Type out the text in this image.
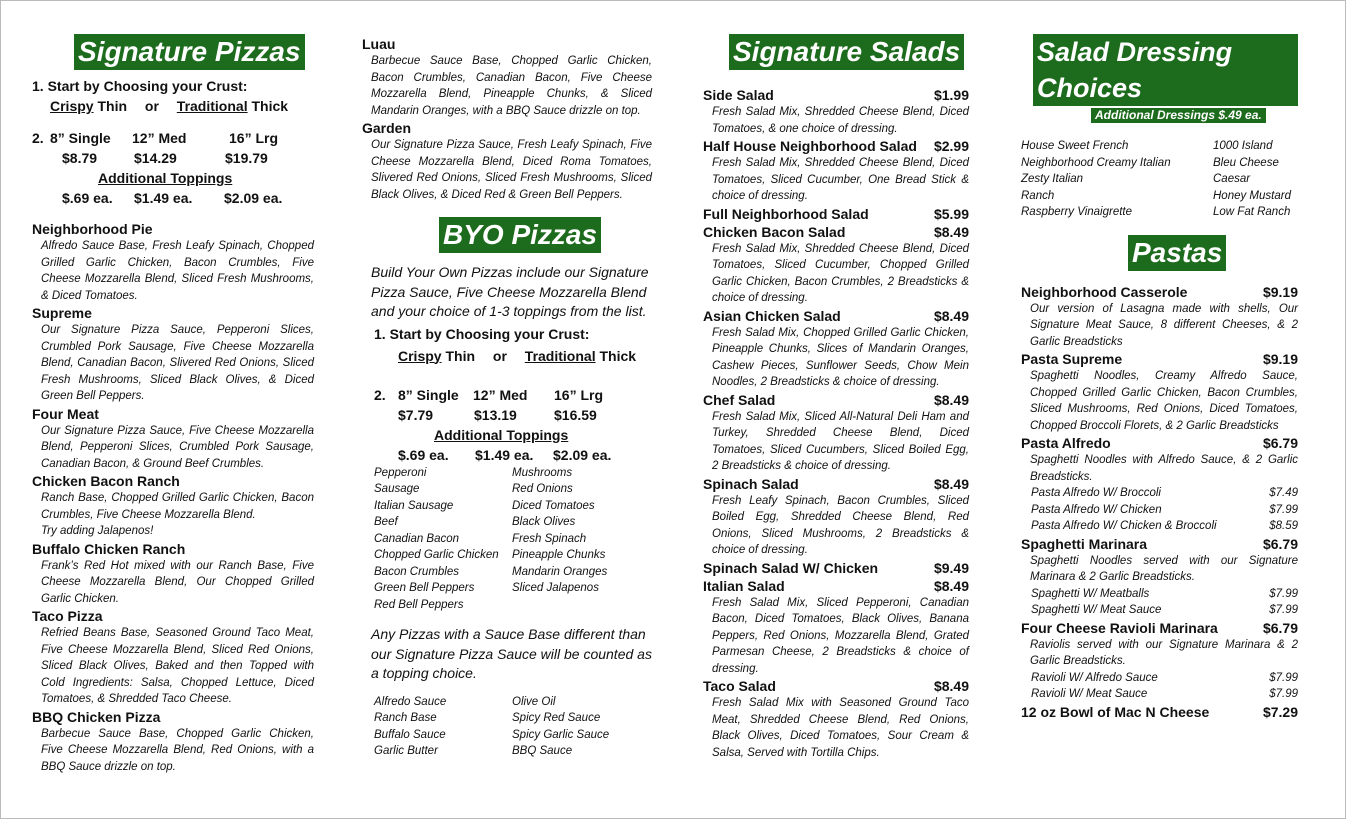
Signature Pizzas
1. Start by Choosing your Crust:
Crispy Thin or Traditional Thick
2. 8” Single	12” Med	16” Lrg
$8.79	$14.29	$19.79
Additional Toppings
$.69 ea.	$1.49 ea.	$2.09 ea.
Neighborhood Pie
Alfredo Sauce Base, Fresh Leafy Spinach, Chopped Grilled Garlic Chicken, Bacon Crumbles, Five Cheese Mozzarella Blend, Sliced Fresh Mushrooms, & Diced Tomatoes.
Supreme
Our Signature Pizza Sauce, Pepperoni Slices, Crumbled Pork Sausage, Five Cheese Mozzarella Blend, Canadian Bacon, Slivered Red Onions, Sliced Fresh Mushrooms, Sliced Black Olives, & Diced Green Bell Peppers.
Four Meat
Our Signature Pizza Sauce, Five Cheese Mozzarella Blend, Pepperoni Slices, Crumbled Pork Sausage, Canadian Bacon, & Ground Beef Crumbles.
Chicken Bacon Ranch
Ranch Base, Chopped Grilled Garlic Chicken, Bacon Crumbles, Five Cheese Mozzarella Blend.
Try adding Jalapenos!
Buffalo Chicken Ranch
Frank’s Red Hot mixed with our Ranch Base, Five Cheese Mozzarella Blend, Our Chopped Grilled Garlic Chicken.
Taco Pizza
Refried Beans Base, Seasoned Ground Taco Meat, Five Cheese Mozzarella Blend, Sliced Red Onions, Sliced Black Olives, Baked and then Topped with Cold Ingredients: Salsa, Chopped Lettuce, Diced Tomatoes, & Shredded Taco Cheese.
BBQ Chicken Pizza
Barbecue Sauce Base, Chopped Garlic Chicken, Five Cheese Mozzarella Blend, Red Onions, with a BBQ Sauce drizzle on top.
Luau
Barbecue Sauce Base, Chopped Garlic Chicken, Bacon Crumbles, Canadian Bacon, Five Cheese Mozzarella Blend, Pineapple Chunks, & Sliced Mandarin Oranges, with a BBQ Sauce drizzle on top.
Garden
Our Signature Pizza Sauce, Fresh Leafy Spinach, Five Cheese Mozzarella Blend, Diced Roma Tomatoes, Slivered Red Onions, Sliced Fresh Mushrooms, Sliced Black Olives, & Diced Red & Green Bell Peppers.
BYO Pizzas
Build Your Own Pizzas include our Signature Pizza Sauce, Five Cheese Mozzarella Blend and your choice of 1-3 toppings from the list.
1. Start by Choosing your Crust:
Crispy Thin or Traditional Thick
2. 8” Single	12” Med	16” Lrg
$7.79	$13.19	$16.59
Additional Toppings
$.69 ea.	$1.49 ea.	$2.09 ea.
Pepperoni	Mushrooms
Sausage	Red Onions
Italian Sausage	Diced Tomatoes
Beef	Black Olives
Canadian Bacon	Fresh Spinach
Chopped Garlic Chicken	Pineapple Chunks
Bacon Crumbles	Mandarin Oranges
Green Bell Peppers	Sliced Jalapenos
Red Bell Peppers
Any Pizzas with a Sauce Base different than our Signature Pizza Sauce will be counted as a topping choice.
Alfredo Sauce	Olive Oil
Ranch Base	Spicy Red Sauce
Buffalo Sauce	Spicy Garlic Sauce
Garlic Butter	BBQ Sauce
Signature Salads
Side Salad	$1.99
Fresh Salad Mix, Shredded Cheese Blend, Diced Tomatoes, & one choice of dressing.
Half House Neighborhood Salad $2.99
Fresh Salad Mix, Shredded Cheese Blend, Diced Tomatoes, Sliced Cucumber, One Bread Stick & choice of dressing.
Full Neighborhood Salad	$5.99
Chicken Bacon Salad	$8.49
Fresh Salad Mix, Shredded Cheese Blend, Diced Tomatoes, Sliced Cucumber, Chopped Grilled Garlic Chicken, Bacon Crumbles, 2 Breadsticks & choice of dressing.
Asian Chicken Salad	$8.49
Fresh Salad Mix, Chopped Grilled Garlic Chicken, Pineapple Chunks, Slices of Mandarin Oranges, Cashew Pieces, Sunflower Seeds, Chow Mein Noodles, 2 Breadsticks & choice of dressing.
Chef Salad	$8.49
Fresh Salad Mix, Sliced All-Natural Deli Ham and Turkey, Shredded Cheese Blend, Diced Tomatoes, Sliced Cucumbers, Sliced Boiled Egg, 2 Breadsticks & choice of dressing.
Spinach Salad	$8.49
Fresh Leafy Spinach, Bacon Crumbles, Sliced Boiled Egg, Shredded Cheese Blend, Red Onions, Sliced Mushrooms, 2 Breadsticks & choice of dressing.
Spinach Salad W/ Chicken	$9.49
Italian Salad	$8.49
Fresh Salad Mix, Sliced Pepperoni, Canadian Bacon, Diced Tomatoes, Black Olives, Banana Peppers, Red Onions, Mozzarella Blend, Grated Parmesan Cheese, 2 Breadsticks & choice of dressing.
Taco Salad	$8.49
Fresh Salad Mix with Seasoned Ground Taco Meat, Shredded Cheese Blend, Red Onions, Black Olives, Diced Tomatoes, Sour Cream & Salsa, Served with Tortilla Chips.
Salad Dressing Choices
Additional Dressings $.49 ea.
House Sweet French	1000 Island
Neighborhood Creamy Italian	Bleu Cheese
Zesty Italian	Caesar
Ranch	Honey Mustard
Raspberry Vinaigrette	Low Fat Ranch
Pastas
Neighborhood Casserole	$9.19
Our version of Lasagna made with shells, Our Signature Meat Sauce, 8 different Cheeses, & 2 Garlic Breadsticks
Pasta Supreme	$9.19
Spaghetti Noodles, Creamy Alfredo Sauce, Chopped Grilled Garlic Chicken, Bacon Crumbles, Sliced Mushrooms, Red Onions, Diced Tomatoes, Chopped Broccoli Florets, & 2 Garlic Breadsticks
Pasta Alfredo	$6.79
Spaghetti Noodles with Alfredo Sauce, & 2 Garlic Breadsticks.
Pasta Alfredo W/ Broccoli	$7.49
Pasta Alfredo W/ Chicken	$7.99
Pasta Alfredo W/ Chicken & Broccoli	$8.59
Spaghetti Marinara	$6.79
Spaghetti Noodles served with our Signature Marinara & 2 Garlic Breadsticks.
Spaghetti W/ Meatballs	$7.99
Spaghetti W/ Meat Sauce	$7.99
Four Cheese Ravioli Marinara	$6.79
Raviolis served with our Signature Marinara & 2 Garlic Breadsticks.
Ravioli W/ Alfredo Sauce	$7.99
Ravioli W/ Meat Sauce	$7.99
12 oz Bowl of Mac N Cheese	$7.29
